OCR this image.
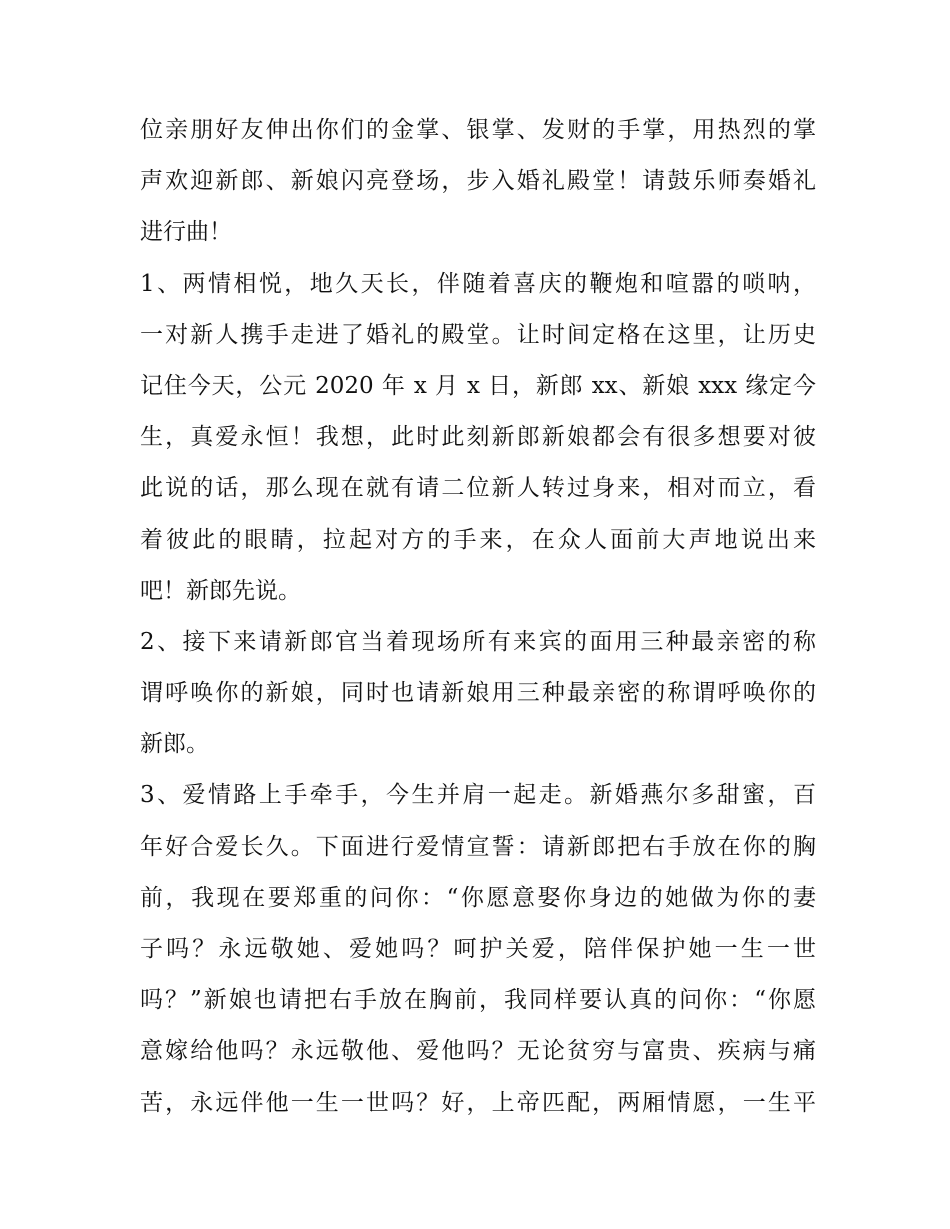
位亲朋好友伸出你们的金掌、银掌、发财的手掌，用热烈的掌
声欢迎新郎、新娘闪亮登场，步入婚礼殿堂！请鼓乐师奏婚礼
进行曲！
1、两情相悦，地久天长，伴随着喜庆的鞭炮和喧嚣的唢呐，
一对新人携手走进了婚礼的殿堂。让时间定格在这里，让历史
记住今天，公元 2020 年 x 月 x 日，新郎 xx、新娘 xxx 缘定今
生，真爱永恒！我想，此时此刻新郎新娘都会有很多想要对彼
此说的话，那么现在就有请二位新人转过身来，相对而立，看
着彼此的眼睛，拉起对方的手来，在众人面前大声地说出来
吧！新郎先说。
2、接下来请新郎官当着现场所有来宾的面用三种最亲密的称
谓呼唤你的新娘，同时也请新娘用三种最亲密的称谓呼唤你的
新郎。
3、爱情路上手牵手，今生并肩一起走。新婚燕尔多甜蜜，百
年好合爱长久。下面进行爱情宣誓：请新郎把右手放在你的胸
前，我现在要郑重的问你：“你愿意娶你身边的她做为你的妻
子吗？永远敬她、爱她吗？呵护关爱，陪伴保护她一生一世
吗？”新娘也请把右手放在胸前，我同样要认真的问你：“你愿
意嫁给他吗？永远敬他、爱他吗？无论贫穷与富贵、疾病与痛
苦，永远伴他一生一世吗？好，上帝匹配，两厢情愿，一生平
